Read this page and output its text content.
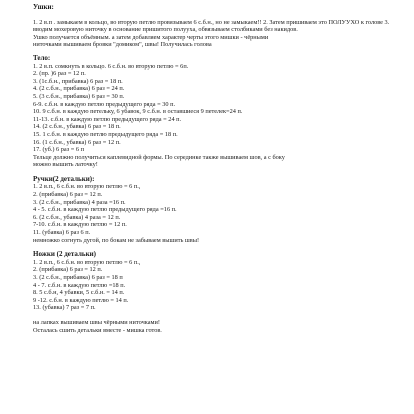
Ушки:

1. 2 в.п . замыкаем в кольцо, во вторую петлю провязываем 6 с.б.н., но не замыкаем!! 2. Затем пришиваем это ПОЛУУХО к голове 3. вводим мохеровую ниточку в основание пришитого полууха, обвязываем столбиками без накидов.

Ушко получается объёмным. а затем добавляем характер черты этого мишки - чёрными

ниточками вышиваем бровки "домиком", швы! Получилась голова

Тело:

1. 2 в.п. сомкнуть в кольцо. 6 с.б.н. во вторую петлю = 6п.

2. (пр. )6 раз = 12 п.

3. (1с.б.н., прибавка) 6 раз = 18 п.

4. (2 с.б.н., прибавка) 6 раз = 24 п.

5. (3 с.б.н., прибавка) 6 раз = 30 п.

6-9. с.б.н. в каждую петлю предыдущего ряда = 30 п.

10. 9 с.б.н. в каждую петельку, 6 убавок, 9 с.б.н. в оставшиеся 9 петелек=24 п.

11-13. с.б.н. в каждую петлю предыдущего ряда = 24 п.

14. (2 с.б.н., убавка) 6 раз = 18 п.

15. 1 с.б.н. в каждую петлю предыдущего ряда = 18 п.

16. (1 с.б.н., убавка) 6 раз = 12 п.

17. (уб.) 6 раз = 6 п

Тельце должно получиться каплевидной формы. По серединке также вышиваем шов, а с боку

можно вышить латочку!

Ручки(2 детальки):

1. 2 в.п., 6 с.б.н. во вторую петлю = 6 п.,

2. (прибавка) 6 раз = 12 п.

3. (2 с.б.н., прибавка) 4 раза =16 п.

4 - 5. с.б.н. в каждую петлю предыдущего ряда =16 п.

6. (2 с.б.н., убавка) 4 раза = 12 п.

7-10. с.б.н. в каждую петлю = 12 п.

11. (убавка) 6 раз 6 п.

немножко согнуть дугой, по бокам не забываем вышить швы!

Ножки (2 детальки)

1. 2 в.п., 6 с.б.н. во вторую петлю = 6 п.,

2. (прибавка) 6 раз = 12 п.

3. (2 с.б.н., прибавка) 6 раз = 18 п

4 - 7. с.б.н. в каждую петлю =18 п.

8. 5 с.б.н, 4 убавки, 5 с.б.н. = 14 п.

9 -12. с.б.н. в каждую петлю = 14 п.

13. (убавка) 7 раз = 7 п.

на лапках вышиваем швы чёрными ниточками!

Осталась сшить детальки вместе - мишка готов.
